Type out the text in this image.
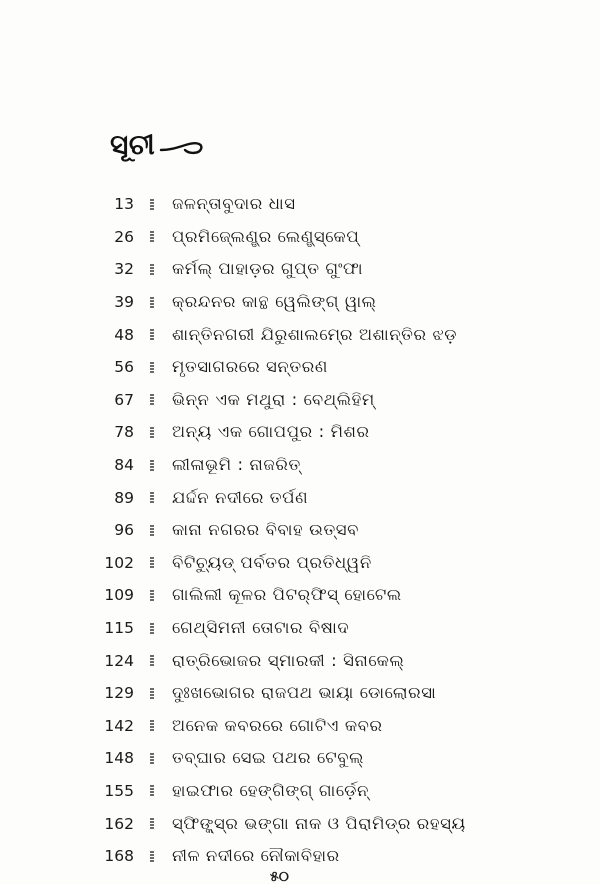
ସୂଚୀ
13 ଜଳନ୍ତାବୁଦାର ଧାସ
26 ପ୍ରମିଜ୍‍ଲେଣ୍ଡ୍‍ର ଲେଣ୍ଡ୍‍ସ୍କେପ୍
32 କର୍ମଲ୍ ପାହାଡ଼ର ଗୁପ୍ତ ଗୁଂଫା
39 କ୍ରନ୍ଦନର କାନ୍ଥ ୱେଲିଙ୍ଗ୍ ୱାଲ୍
48 ଶାନ୍ତିନଗରୀ ଯିରୁଶାଲମ୍‍ରେ ଅଶାନ୍ତିର ଝଡ଼
56 ମୃତସାଗରରେ ସନ୍ତରଣ
67 ଭିନ୍ନ ଏକ ମଥୁରା : ବେଥ୍‍ଲିହିମ୍
78 ଅନ୍ୟ ଏକ ଗୋପପୁର : ମିଶର
84 ଲୀଳାଭୂମି : ନାଜରିତ୍
89 ଯର୍ଦ୍ଦନ ନଦୀରେ ତର୍ପଣ
96 କାନା ନଗରର ବିବାହ ଉତ୍ସବ
102 ବିଟିଚ୍ୟୁଡ୍ ପର୍ବତର ପ୍ରତିଧ୍ୱନି
109 ଗାଲିଲୀ କୂଳର ପିଟର୍‍ଫିସ୍ ହୋଟେଲ
115 ଗେଥ୍‍ସିମନୀ ତୋଟାର ବିଷାଦ
124 ରାତ୍ରିଭୋଜର ସ୍ମାରକୀ : ସିନାକେଲ୍
129 ଦୁଃଖଭୋଗର ରାଜପଥ ଭାୟା ଡୋଲୋରସା
142 ଅନେକ କବରରେ ଗୋଟିଏ କବର
148 ତବ୍‍ଘାର ସେଇ ପଥର ଟେବୁଲ୍
155 ହାଇଫାର ହେଙ୍ଗିଙ୍ଗ୍ ଗାର୍ଡ଼େନ୍
162 ସ୍ଫିଙ୍କ୍‍ସ୍‍ର ଭଙ୍ଗା ନାକ ଓ ପିରାମିଡ୍‍ର ରହସ୍ୟ
168 ନୀଳ ନଦୀରେ ନୌକାବିହାର
୫୦
